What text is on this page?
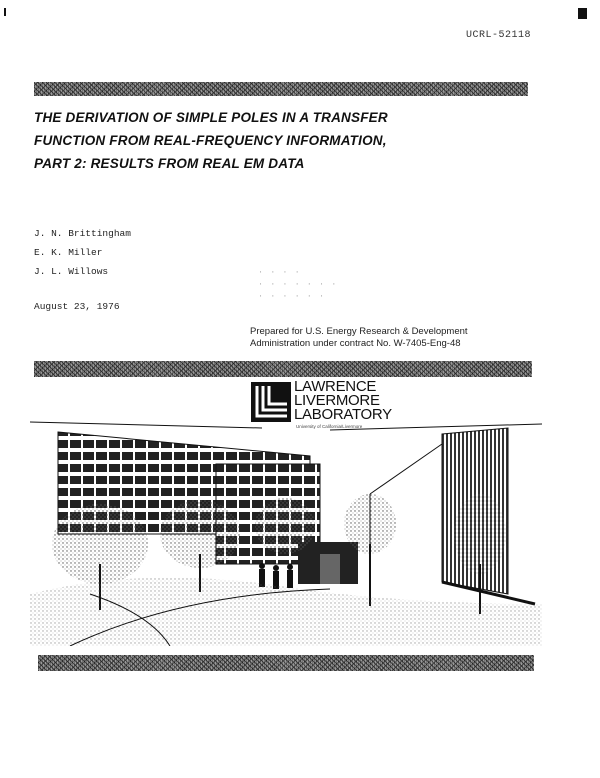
UCRL-52118
THE DERIVATION OF SIMPLE POLES IN A TRANSFER
FUNCTION FROM REAL-FREQUENCY INFORMATION,
PART 2: RESULTS FROM REAL EM DATA
J. N. Brittingham
E. K. Miller
J. L. Willows	· · · ·
· · · · · · ·
· · · · · ·
August 23, 1976
Prepared for U.S. Energy Research & Development
Administration under contract No. W-7405-Eng-48
LAWRENCE
LIVERMORE
LABORATORY
University of California/Livermore
